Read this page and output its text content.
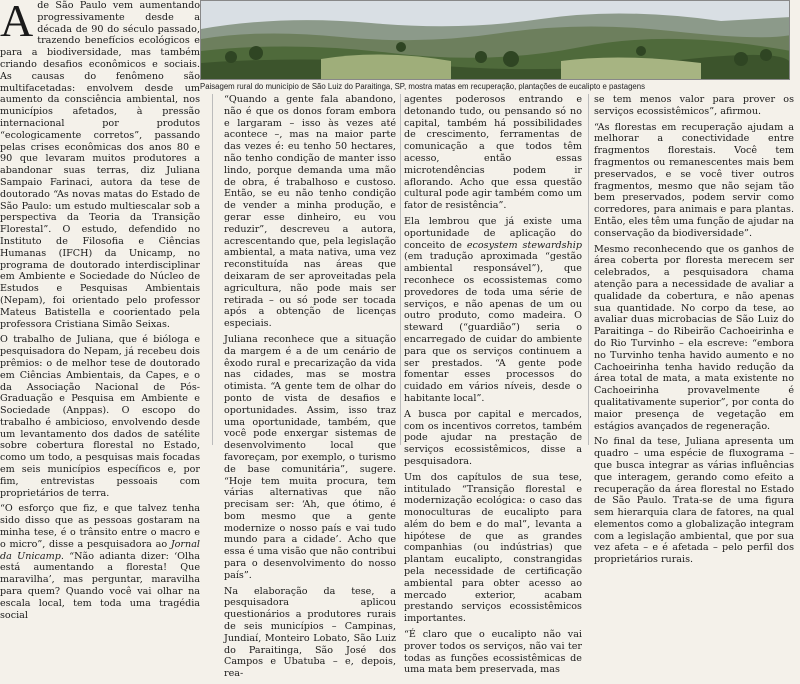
Ade São Paulo vem aumentando progressivamente desde a década de 90 do século passado, trazendo benefícios ecológicos e para a biodiversidade, mas também criando desafios econômicos e sociais. As causas do fenômeno são multifacetadas: envolvem desde um aumento da consciência ambiental, nos municípios afetados, à pressão internacional por produtos “ecologicamente corretos”, passando pelas crises econômicas dos anos 80 e 90 que levaram muitos produtores a abandonar suas terras, diz Juliana Sampaio Farinaci, autora da tese de doutorado “As novas matas do Estado de São Paulo: um estudo multiescalar sob a perspectiva da Teoria da Transição Florestal”. O estudo, defendido no Instituto de Filosofia e Ciências Humanas (IFCH) da Unicamp, no programa de doutorado interdisciplinar em Ambiente e Sociedade do Núcleo de Estudos e Pesquisas Ambientais (Nepam), foi orientado pelo professor Mateus Batistella e coorientado pela professora Cristiana Simão Seixas.

O trabalho de Juliana, que é bióloga e pesquisadora do Nepam, já recebeu dois prêmios: o de melhor tese de doutorado em Ciências Ambientais, da Capes, e o da Associação Nacional de Pós-Graduação e Pesquisa em Ambiente e Sociedade (Anppas). O escopo do trabalho é ambicioso, envolvendo desde um levantamento dos dados de satélite sobre cobertura florestal no Estado, como um todo, a pesquisas mais focadas em seis municípios específicos e, por fim, entrevistas pessoais com proprietários de terra.

“O esforço que fiz, e que talvez tenha sido disso que as pessoas gostaram na minha tese, é o trânsito entre o macro e o micro”, disse a pesquisadora ao Jornal da Unicamp. “Não adianta dizer: ‘Olha está aumentando a floresta! Que maravilha’, mas perguntar, maravilha para quem? Quando você vai olhar na escala local, tem toda uma tragédia social

Paisagem rural do município de São Luiz do Paraitinga, SP, mostra matas em recuperação, plantações de eucalipto e pastagens

“Quando a gente fala abandono, não é que os donos foram embora e largaram – isso às vezes até acontece –, mas na maior parte das vezes é: eu tenho 50 hectares, não tenho condição de manter isso lindo, porque demanda uma mão de obra, é trabalhoso e custoso. Então, se eu não tenho condição de vender a minha produção, e gerar esse dinheiro, eu vou reduzir”, descreveu a autora, acrescentando que, pela legislação ambiental, a mata nativa, uma vez reconstituída nas áreas que deixaram de ser aproveitadas pela agricultura, não pode mais ser retirada – ou só pode ser tocada após a obtenção de licenças especiais.

Juliana reconhece que a situação da margem é a de um cenário de êxodo rural e precarização da vida nas cidades, mas se mostra otimista. “A gente tem de olhar do ponto de vista de desafios e oportunidades. Assim, isso traz uma oportunidade, também, que você pode enxergar sistemas de desenvolvimento local que favoreçam, por exemplo, o turismo de base comunitária”, sugere. “Hoje tem muita procura, tem várias alternativas que não precisam ser: ‘Ah, que ótimo, é bom mesmo que a gente modernize o nosso país e vai tudo mundo para a cidade’. Acho que essa é uma visão que não contribui para o desenvolvimento do nosso país”.

Na elaboração da tese, a pesquisadora aplicou questionários a produtores rurais de seis municípios – Campinas, Jundiaí, Monteiro Lobato, São Luiz do Paraitinga, São José dos Campos e Ubatuba – e, depois, rea-

agentes poderosos entrando e detonando tudo, ou pensando só no capital, também há possibilidades de crescimento, ferramentas de comunicação a que todos têm acesso, então essas microtendências podem ir aflorando. Acho que essa questão cultural pode agir também como um fator de resistência”.

Ela lembrou que já existe uma oportunidade de aplicação do conceito de ecosystem stewardship (em tradução aproximada “gestão ambiental responsável”), que reconhece os ecossistemas como provedores de toda uma série de serviços, e não apenas de um ou outro produto, como madeira. O steward (“guardião”) seria o encarregado de cuidar do ambiente para que os serviços continuem a ser prestados. “A gente pode fomentar esses processos do cuidado em vários níveis, desde o habitante local”.

A busca por capital e mercados, com os incentivos corretos, também pode ajudar na prestação de serviços ecossistêmicos, disse a pesquisadora.

Um dos capítulos de sua tese, intitulado “Transição florestal e modernização ecológica: o caso das monoculturas de eucalipto para além do bem e do mal”, levanta a hipótese de que as grandes companhias (ou indústrias) que plantam eucalipto, constrangidas pela necessidade de certificação ambiental para obter acesso ao mercado exterior, acabam prestando serviços ecossistêmicos importantes.

“É claro que o eucalipto não vai prover todos os serviços, não vai ter todas as funções ecossistêmicas de uma mata bem preservada, mas

se tem menos valor para prover os serviços ecossistêmicos”, afirmou.

“As florestas em recuperação ajudam a melhorar a conectividade entre fragmentos florestais. Você tem fragmentos ou remanescentes mais bem preservados, e se você tiver outros fragmentos, mesmo que não sejam tão bem preservados, podem servir como corredores, para animais e para plantas. Então, eles têm uma função de ajudar na conservação da biodiversidade”.

Mesmo reconhecendo que os ganhos de área coberta por floresta merecem ser celebrados, a pesquisadora chama atenção para a necessidade de avaliar a qualidade da cobertura, e não apenas sua quantidade. No corpo da tese, ao avaliar duas microbacias de São Luiz do Paraitinga – do Ribeirão Cachoeirinha e do Rio Turvinho – ela escreve: “embora no Turvinho tenha havido aumento e no Cachoeirinha tenha havido redução da área total de mata, a mata existente no Cachoeirinha provavelmente é qualitativamente superior”, por conta do maior presença de vegetação em estágios avançados de regeneração.

No final da tese, Juliana apresenta um quadro – uma espécie de fluxograma – que busca integrar as várias influências que interagem, gerando como efeito a recuperação da área florestal no Estado de São Paulo. Trata-se de uma figura sem hierarquia clara de fatores, na qual elementos como a globalização integram com a legislação ambiental, que por sua vez afeta – e é afetada – pelo perfil dos proprietários rurais.
